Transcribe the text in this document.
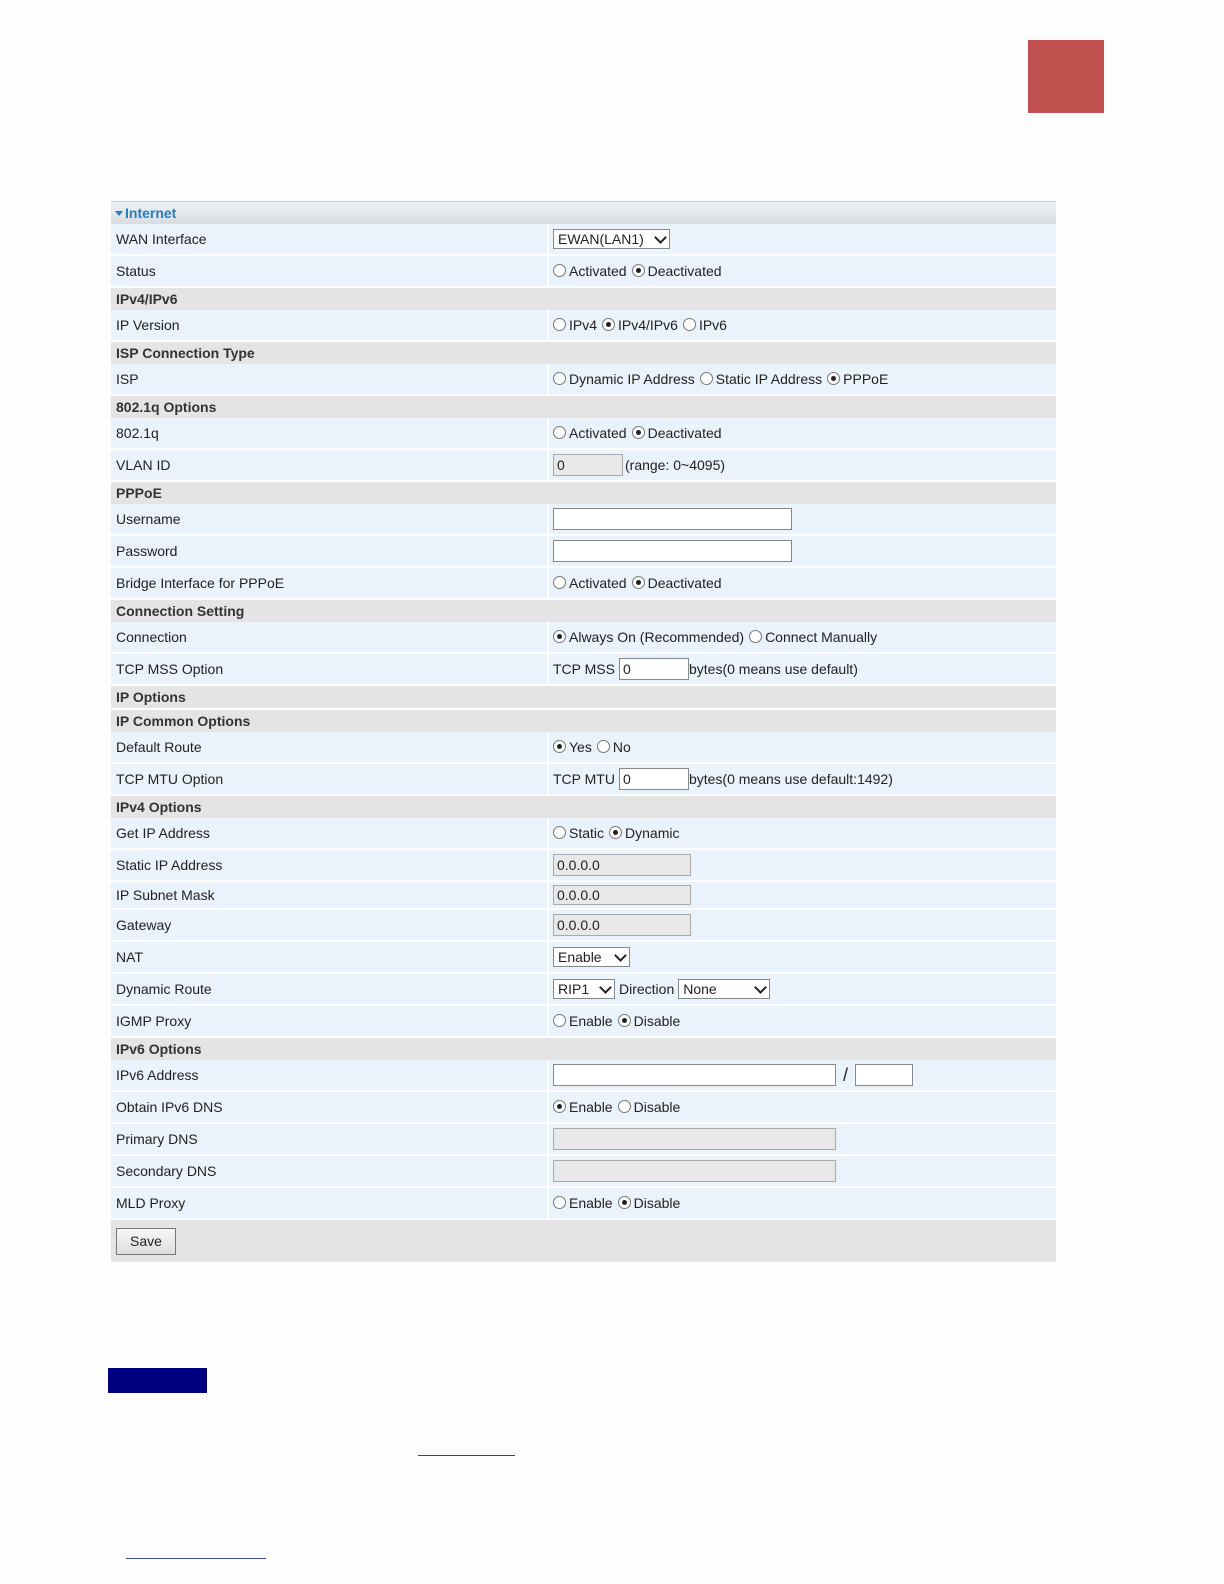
Internet
WAN Interface	EWAN(LAN1)
Status	Activated Deactivated
IPv4/IPv6
IP Version	IPv4 IPv4/IPv6 IPv6
ISP Connection Type
ISP	Dynamic IP Address Static IP Address PPPoE
802.1q Options
802.1q	Activated Deactivated
VLAN ID	0	(range: 0~4095)
PPPoE
Username
Password
Bridge Interface for PPPoE	Activated Deactivated
Connection Setting
Connection	Always On (Recommended) Connect Manually
TCP MSS Option	TCP MSS 0	bytes(0 means use default)
IP Options
IP Common Options
Default Route	Yes No
TCP MTU Option	TCP MTU 0	bytes(0 means use default:1492)
IPv4 Options
Get IP Address	Static Dynamic
Static IP Address	0.0.0.0
IP Subnet Mask	0.0.0.0
Gateway	0.0.0.0
NAT	Enable
Dynamic Route	RIP1 Direction None
IGMP Proxy	Enable Disable
IPv6 Options
IPv6 Address	/
Obtain IPv6 DNS	Enable Disable
Primary DNS
Secondary DNS
MLD Proxy	Enable Disable
Save
